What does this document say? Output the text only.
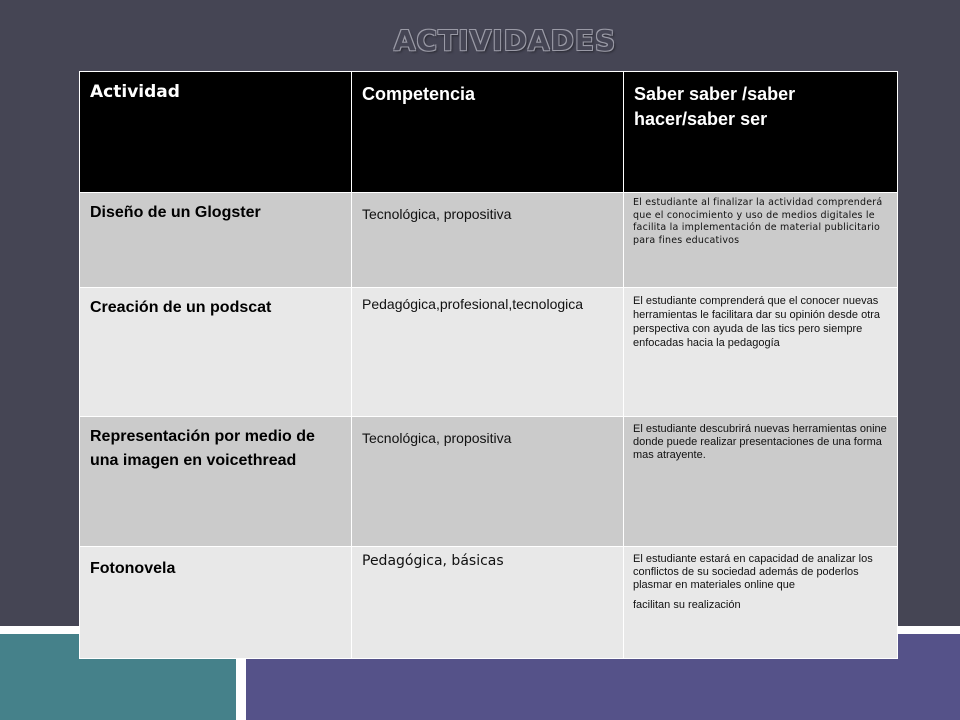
ACTIVIDADES
Actividad	Competencia	Saber saber /saber hacer/saber ser
Diseño de un Glogster	Tecnológica, propositiva	El estudiante al finalizar la actividad comprenderá que el conocimiento y uso de medios digitales le facilita la implementación de material publicitario para fines educativos
Creación de un podscat	Pedagógica,profesional,tecnologica	El estudiante comprenderá que el conocer nuevas herramientas le facilitara dar su opinión desde otra perspectiva con ayuda de las tics pero siempre enfocadas hacia la pedagogía
Representación por medio de una imagen en voicethread	Tecnológica, propositiva	El estudiante descubrirá nuevas herramientas onine donde puede realizar presentaciones de una forma mas atrayente.
Fotonovela	Pedagógica, básicas	El estudiante estará en capacidad de analizar los conflictos de su sociedad además de poderlos plasmar en materiales online que
facilitan su realización
